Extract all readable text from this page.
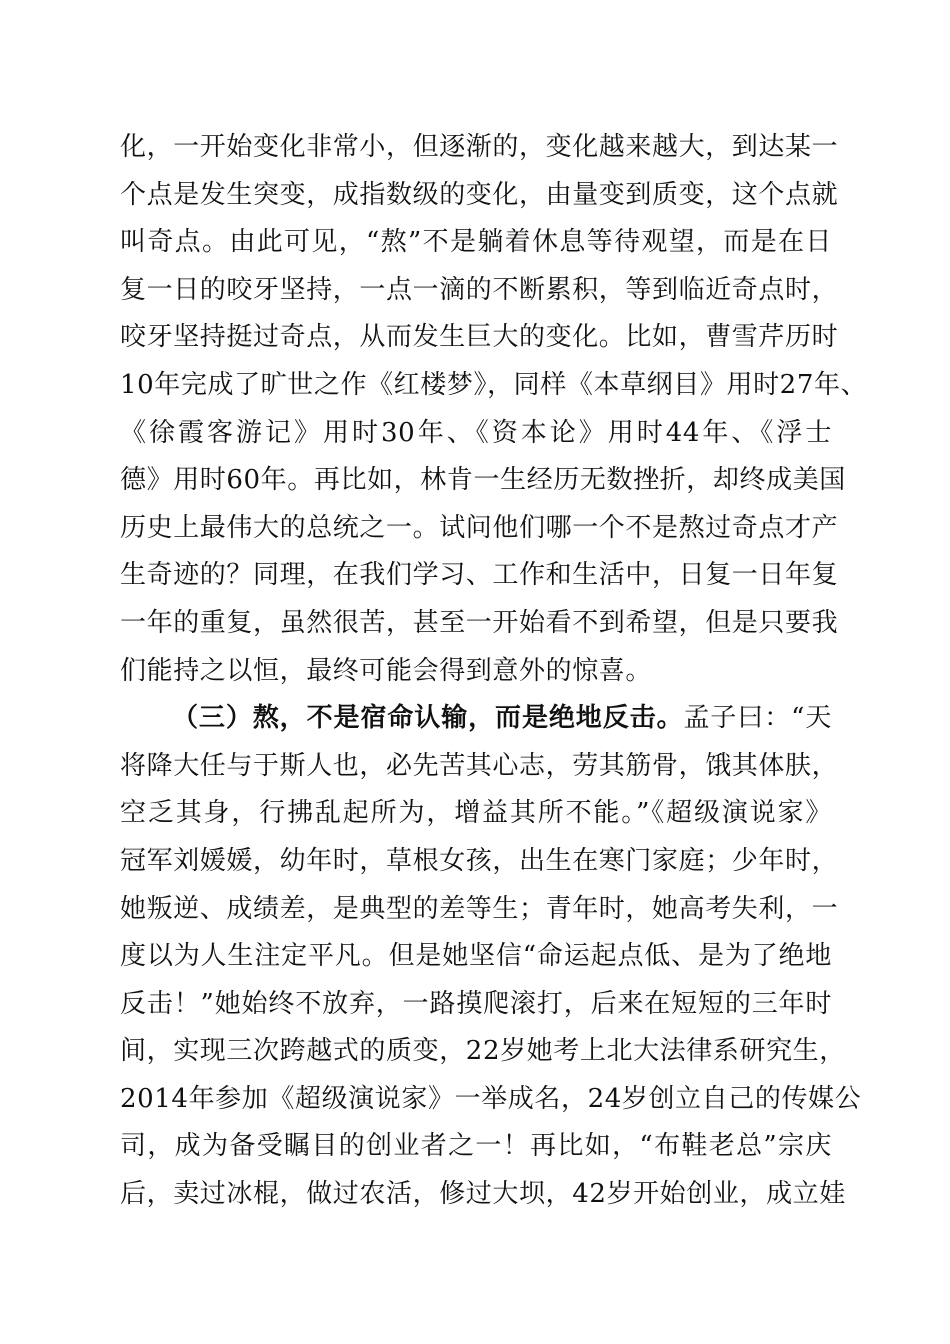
化，一开始变化非常小，但逐渐的，变化越来越大，到达某一
个点是发生突变，成指数级的变化，由量变到质变，这个点就
叫奇点。由此可见，“熬”不是躺着休息等待观望，而是在日
复一日的咬牙坚持，一点一滴的不断累积，等到临近奇点时，
咬牙坚持挺过奇点，从而发生巨大的变化。比如，曹雪芹历时
10年完成了旷世之作《红楼梦》，同样《本草纲目》用时27年、
《徐霞客游记》用时30年、《资本论》用时44年、《浮士
德》用时60年。再比如，林肯一生经历无数挫折，却终成美国
历史上最伟大的总统之一。试问他们哪一个不是熬过奇点才产
生奇迹的？同理，在我们学习、工作和生活中，日复一日年复
一年的重复，虽然很苦，甚至一开始看不到希望，但是只要我
们能持之以恒，最终可能会得到意外的惊喜。
（三）熬，不是宿命认输，而是绝地反击。孟子曰：“天
将降大任与于斯人也，必先苦其心志，劳其筋骨，饿其体肤，
空乏其身，行拂乱起所为，增益其所不能。”《超级演说家》
冠军刘媛媛，幼年时，草根女孩，出生在寒门家庭；少年时，
她叛逆、成绩差，是典型的差等生；青年时，她高考失利，一
度以为人生注定平凡。但是她坚信“命运起点低、是为了绝地
反击！”她始终不放弃，一路摸爬滚打，后来在短短的三年时
间，实现三次跨越式的质变，22岁她考上北大法律系研究生，
2014年参加《超级演说家》一举成名，24岁创立自己的传媒公
司，成为备受瞩目的创业者之一！再比如，“布鞋老总”宗庆
后，卖过冰棍，做过农活，修过大坝，42岁开始创业，成立娃
